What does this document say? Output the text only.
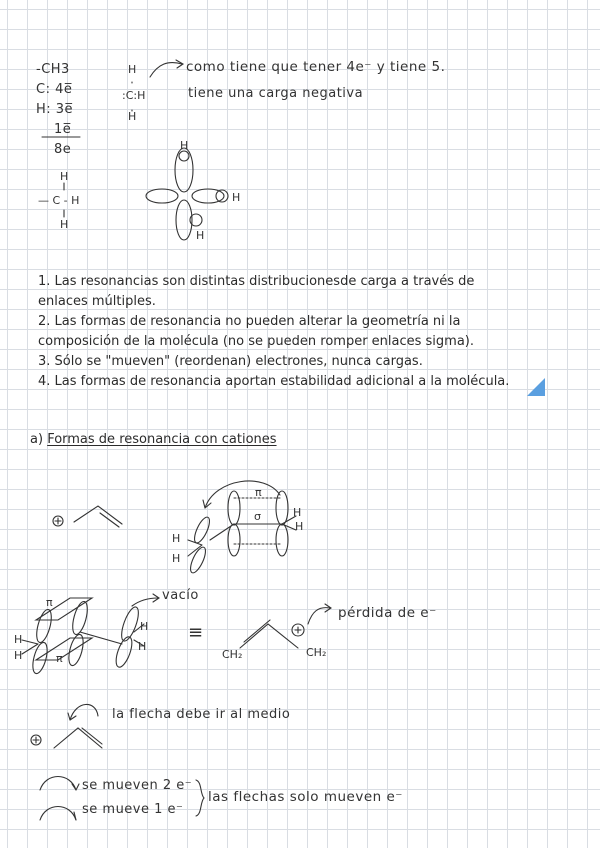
-CH3
C: 4e̅
H: 3e̅
1e̅
8e
H
:C:H
H
como tiene que tener 4e⁻ y tiene 5.
tiene una carga negativa
H
— C - H
H
H
H
H
1. Las resonancias son distintas distribucionesde carga a través de
enlaces múltiples.
2. Las formas de resonancia no pueden alterar la geometría ni la
composición de la molécula (no se pueden romper enlaces sigma).
3. Sólo se "mueven" (reordenan) electrones, nunca cargas.
4. Las formas de resonancia aportan estabilidad adicional a la molécula.
a) Formas de resonancia con cationes
π
σ	H
H
H
H
vacío
π
π
H
H
H
H
≡
CH₂	CH₂
pérdida de e⁻
la flecha debe ir al medio
se mueven 2 e⁻
se mueve 1 e⁻
las flechas solo mueven e⁻
